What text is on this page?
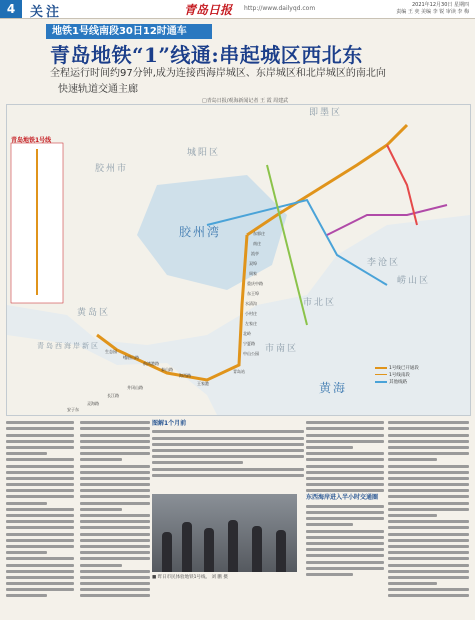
4	关注	青岛日报 http://www.dailyqd.com	2021年12月30日 星期四
责编 王 奕 美编 李 锐 审读 李 梅
地铁1号线南段30日12时通车
青岛地铁“1”线通:串起城区西北东
全程运行时间约97分钟,成为连接西海岸城区、东岸城区和北岸城区的南北向
快速轨道交通主廊
□青岛日报/观海新闻记者 王 霞 周建武
青岛地铁1号线
胶州市
胶州湾
李沧区
即墨区
崂山区
城阳区
黄岛区
市北区
市南区
青岛西海岸新区
黄海
东郭庄
南庄
流亭
双埠
周家
重庆中路
东王埠
水清沟
小村庄
左家庄
北岭
宁夏路
中山公园
青岛站
王家港
海西路
泰山路
前湾港路
峨眉山路
生态园
井冈山路
长江路
灵海路
安子东
1号线已开通段
1号线南段
其他线路
图解1个月前
东西海岸进入半小时交通圈
■ 昨日市民体验地铁1号线。 刘 鹏 摄
